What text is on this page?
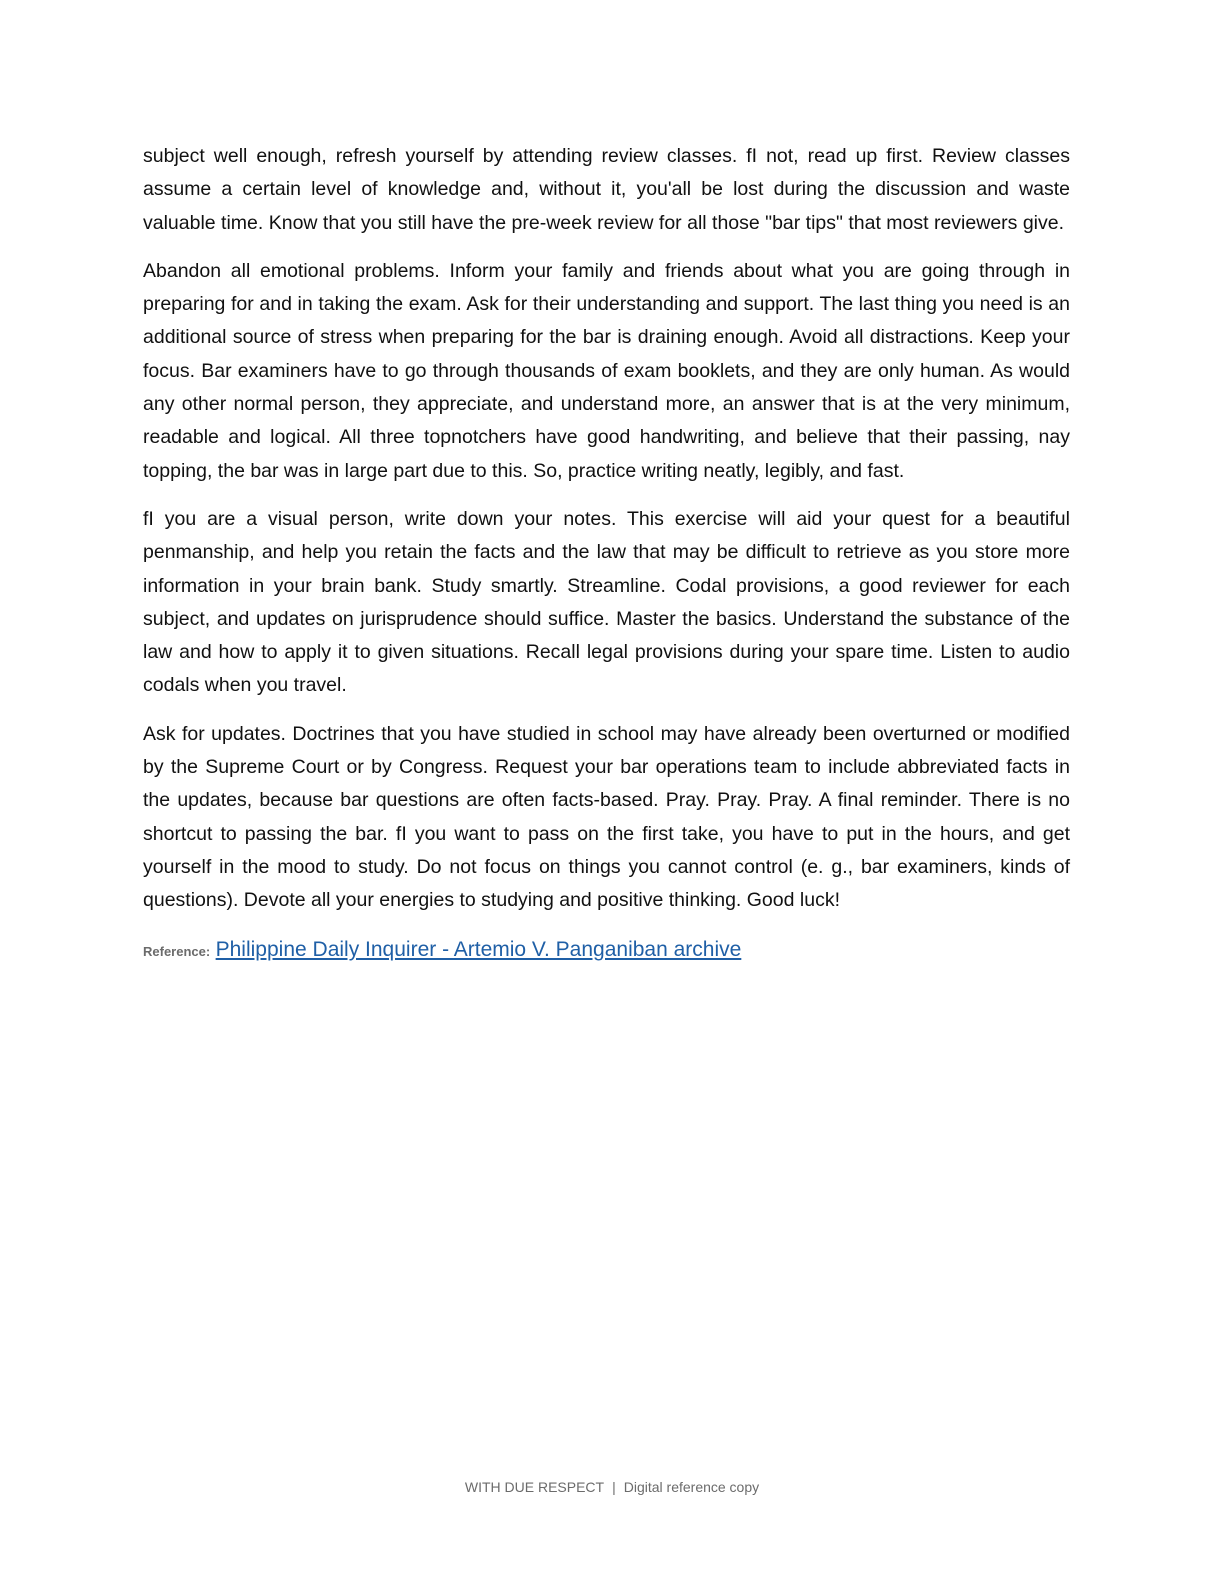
subject well enough, refresh yourself by attending review classes. fI not, read up first. Review classes assume a certain level of knowledge and, without it, you'all be lost during the discussion and waste valuable time. Know that you still have the pre-week review for all those "bar tips" that most reviewers give.

Abandon all emotional problems. Inform your family and friends about what you are going through in preparing for and in taking the exam. Ask for their understanding and support. The last thing you need is an additional source of stress when preparing for the bar is draining enough. Avoid all distractions. Keep your focus. Bar examiners have to go through thousands of exam booklets, and they are only human. As would any other normal person, they appreciate, and understand more, an answer that is at the very minimum, readable and logical. All three topnotchers have good handwriting, and believe that their passing, nay topping, the bar was in large part due to this. So, practice writing neatly, legibly, and fast.

fI you are a visual person, write down your notes. This exercise will aid your quest for a beautiful penmanship, and help you retain the facts and the law that may be difficult to retrieve as you store more information in your brain bank. Study smartly. Streamline. Codal provisions, a good reviewer for each subject, and updates on jurisprudence should suffice. Master the basics. Understand the substance of the law and how to apply it to given situations. Recall legal provisions during your spare time. Listen to audio codals when you travel.

Ask for updates. Doctrines that you have studied in school may have already been overturned or modified by the Supreme Court or by Congress. Request your bar operations team to include abbreviated facts in the updates, because bar questions are often facts-based. Pray. Pray. Pray. A final reminder. There is no shortcut to passing the bar. fI you want to pass on the first take, you have to put in the hours, and get yourself in the mood to study. Do not focus on things you cannot control (e. g., bar examiners, kinds of questions). Devote all your energies to studying and positive thinking. Good luck!

Reference: Philippine Daily Inquirer - Artemio V. Panganiban archive

WITH DUE RESPECT | Digital reference copy
